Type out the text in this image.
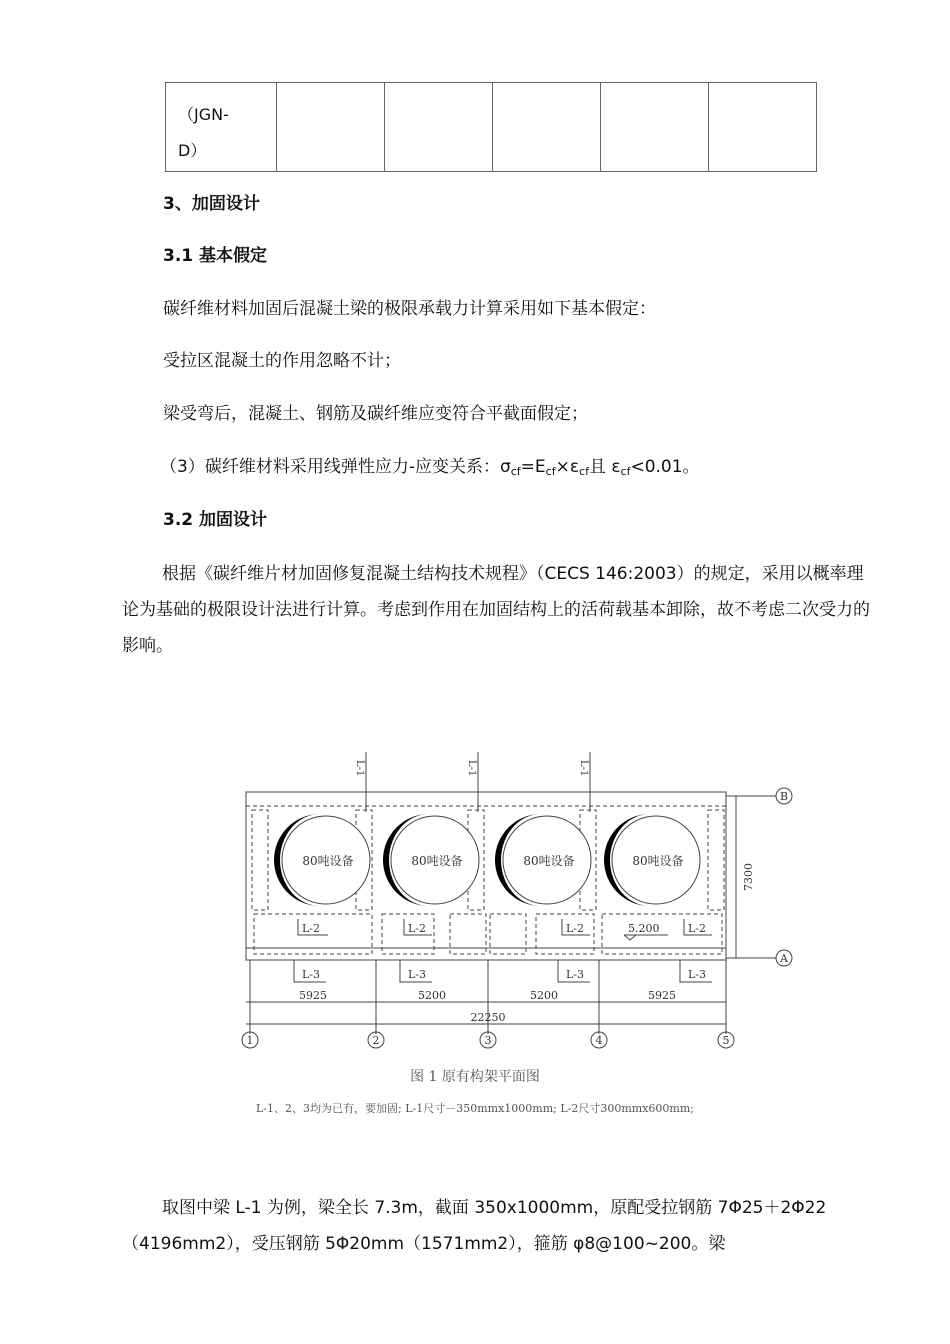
（JGN-
D）

3、加固设计
3.1 基本假定
碳纤维材料加固后混凝土梁的极限承载力计算采用如下基本假定：
受拉区混凝土的作用忽略不计；
梁受弯后，混凝土、钢筋及碳纤维应变符合平截面假定；
（3）碳纤维材料采用线弹性应力-应变关系：$\sigma_{cf}=E_{cf}\times\varepsilon_{cf}$且 $\varepsilon_{cf}<0.01$。
3.2 加固设计
根据《碳纤维片材加固修复混凝土结构技术规程》（CECS 146:2003）的规定，采用以概率理论为基础的极限设计法进行计算。考虑到作用在加固结构上的活荷载基本卸除，故不考虑二次受力的影响。
L-1	L-1	L-1
80吨设备	80吨设备	80吨设备	80吨设备
L-2	L-2	L-2	L-2
5.200
L-3	L-3	L-3	L-3
5925	5200	5200	5925
22250
7300
1	2	3	4	5
B
A
图 1 原有构架平面图
L-1、2、3均为已有，要加固; L-1尺寸－350mmx1000mm; L-2尺寸300mmx600mm;
取图中梁 L-1 为例，梁全长 7.3m，截面 350x1000mm，原配受拉钢筋 7Φ25＋2Φ22（4196mm2），受压钢筋 5Φ20mm（1571mm2），箍筋 φ8@100~200。梁
